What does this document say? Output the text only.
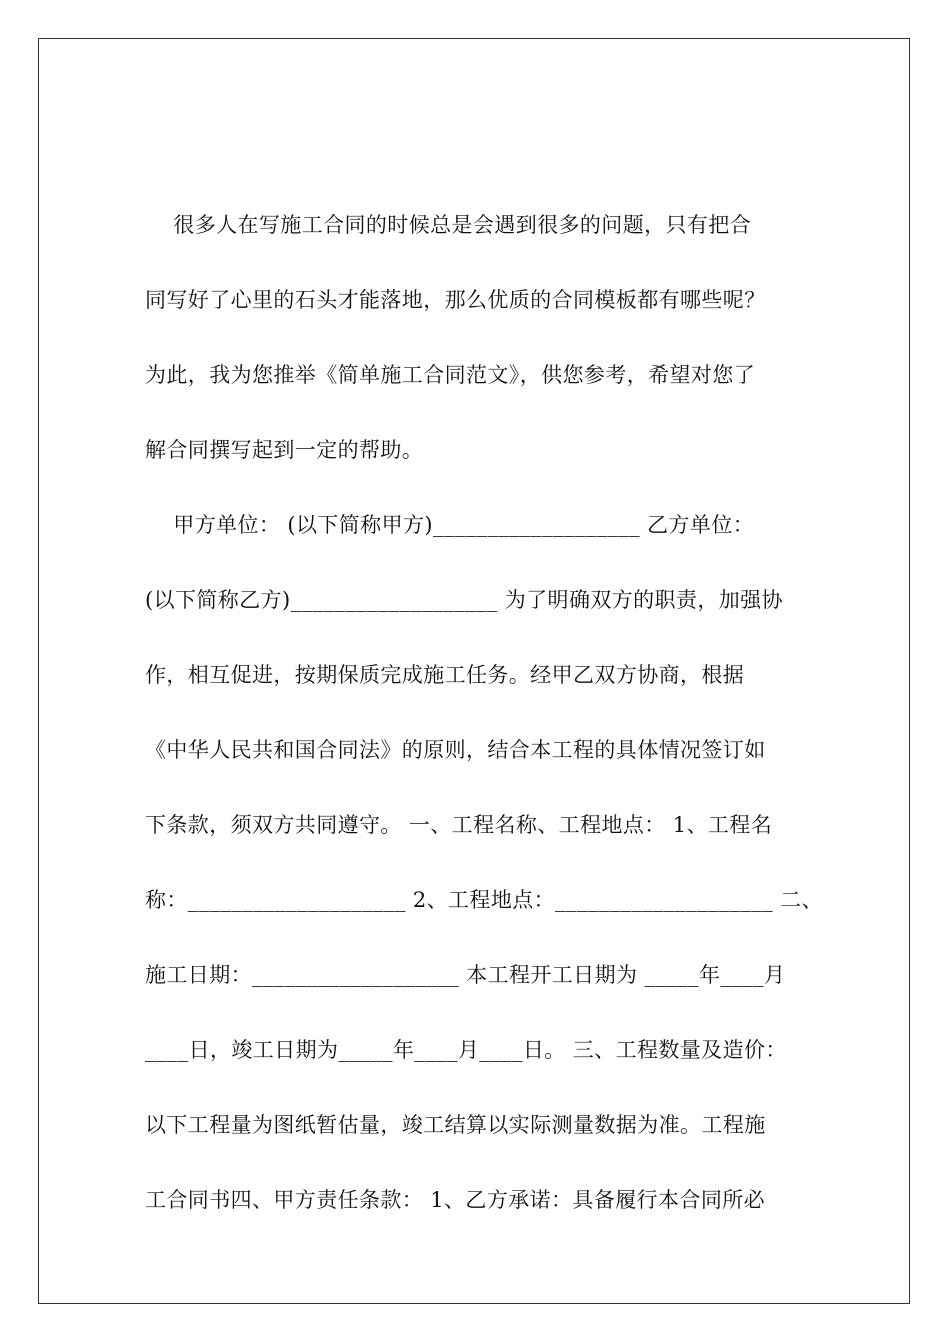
很多人在写施工合同的时候总是会遇到很多的问题，只有把合
同写好了心里的石头才能落地，那么优质的合同模板都有哪些呢？
为此，我为您推举《简单施工合同范文》，供您参考，希望对您了
解合同撰写起到一定的帮助。
甲方单位： (以下简称甲方)___________________ 乙方单位：
(以下简称乙方)___________________ 为了明确双方的职责，加强协
作，相互促进，按期保质完成施工任务。经甲乙双方协商，根据
《中华人民共和国合同法》的原则，结合本工程的具体情况签订如
下条款，须双方共同遵守。 一、工程名称、工程地点： 1、工程名
称：____________________ 2、工程地点：____________________ 二、
施工日期：___________________ 本工程开工日期为 _____年____月
____日，竣工日期为_____年____月____日。 三、工程数量及造价：
以下工程量为图纸暂估量，竣工结算以实际测量数据为准。工程施
工合同书四、甲方责任条款： 1、乙方承诺：具备履行本合同所必
